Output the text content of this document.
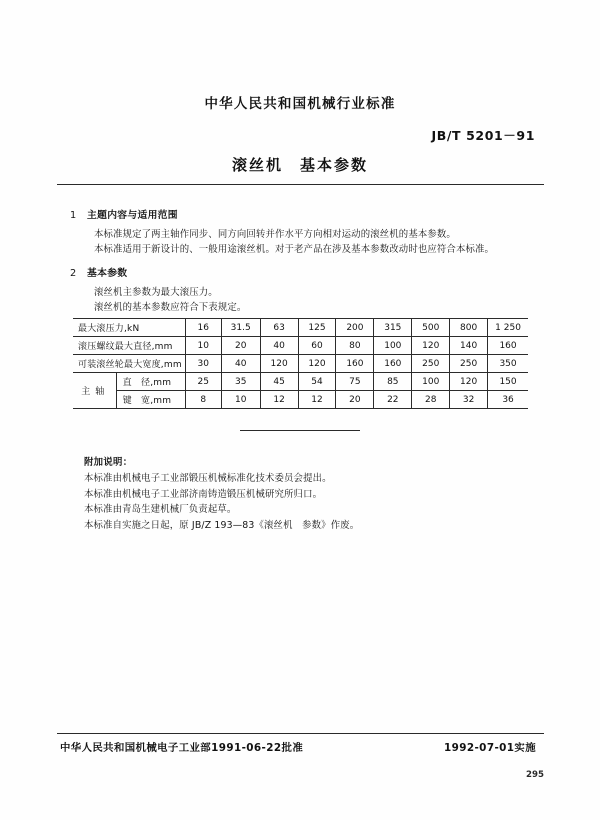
中华人民共和国机械行业标准
JB/T 5201－91
滚丝机　基本参数
1 主题内容与适用范围

本标准规定了两主轴作同步、同方向回转并作水平方向相对运动的滚丝机的基本参数。

本标准适用于新设计的、一般用途滚丝机。对于老产品在涉及基本参数改动时也应符合本标准。

2 基本参数

滚丝机主参数为最大滚压力。

滚丝机的基本参数应符合下表规定。

最大滚压力,kN		16	31.5	63	125	200	315	500	800	1 250
滚压螺纹最大直径,mm		10	20	40	60	80	100	120	140	160
可装滚丝轮最大宽度,mm		30	40	120	120	160	160	250	250	350
主轴	直　径,mm	25	35	45	54	75	85	100	120	150
	键　宽,mm	8	10	12	12	20	22	28	32	36
附加说明：
本标准由机械电子工业部锻压机械标准化技术委员会提出。
本标准由机械电子工业部济南铸造锻压机械研究所归口。
本标准由青岛生建机械厂负责起草。
本标准自实施之日起，原 JB/Z 193—83《滚丝机　参数》作废。
中华人民共和国机械电子工业部1991-06-22批准	1992-07-01实施
295
